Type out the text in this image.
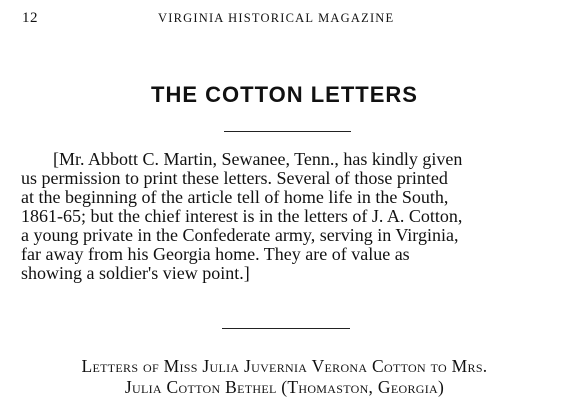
12	VIRGINIA HISTORICAL MAGAZINE
THE COTTON LETTERS
[Mr. Abbott C. Martin, Sewanee, Tenn., has kindly given
us permission to print these letters. Several of those printed
at the beginning of the article tell of home life in the South,
1861-65; but the chief interest is in the letters of J. A. Cotton,
a young private in the Confederate army, serving in Virginia,
far away from his Georgia home. They are of value as
showing a soldier's view point.]
Letters of Miss Julia Juvernia Verona Cotton to Mrs.
Julia Cotton Bethel (Thomaston, Georgia)
